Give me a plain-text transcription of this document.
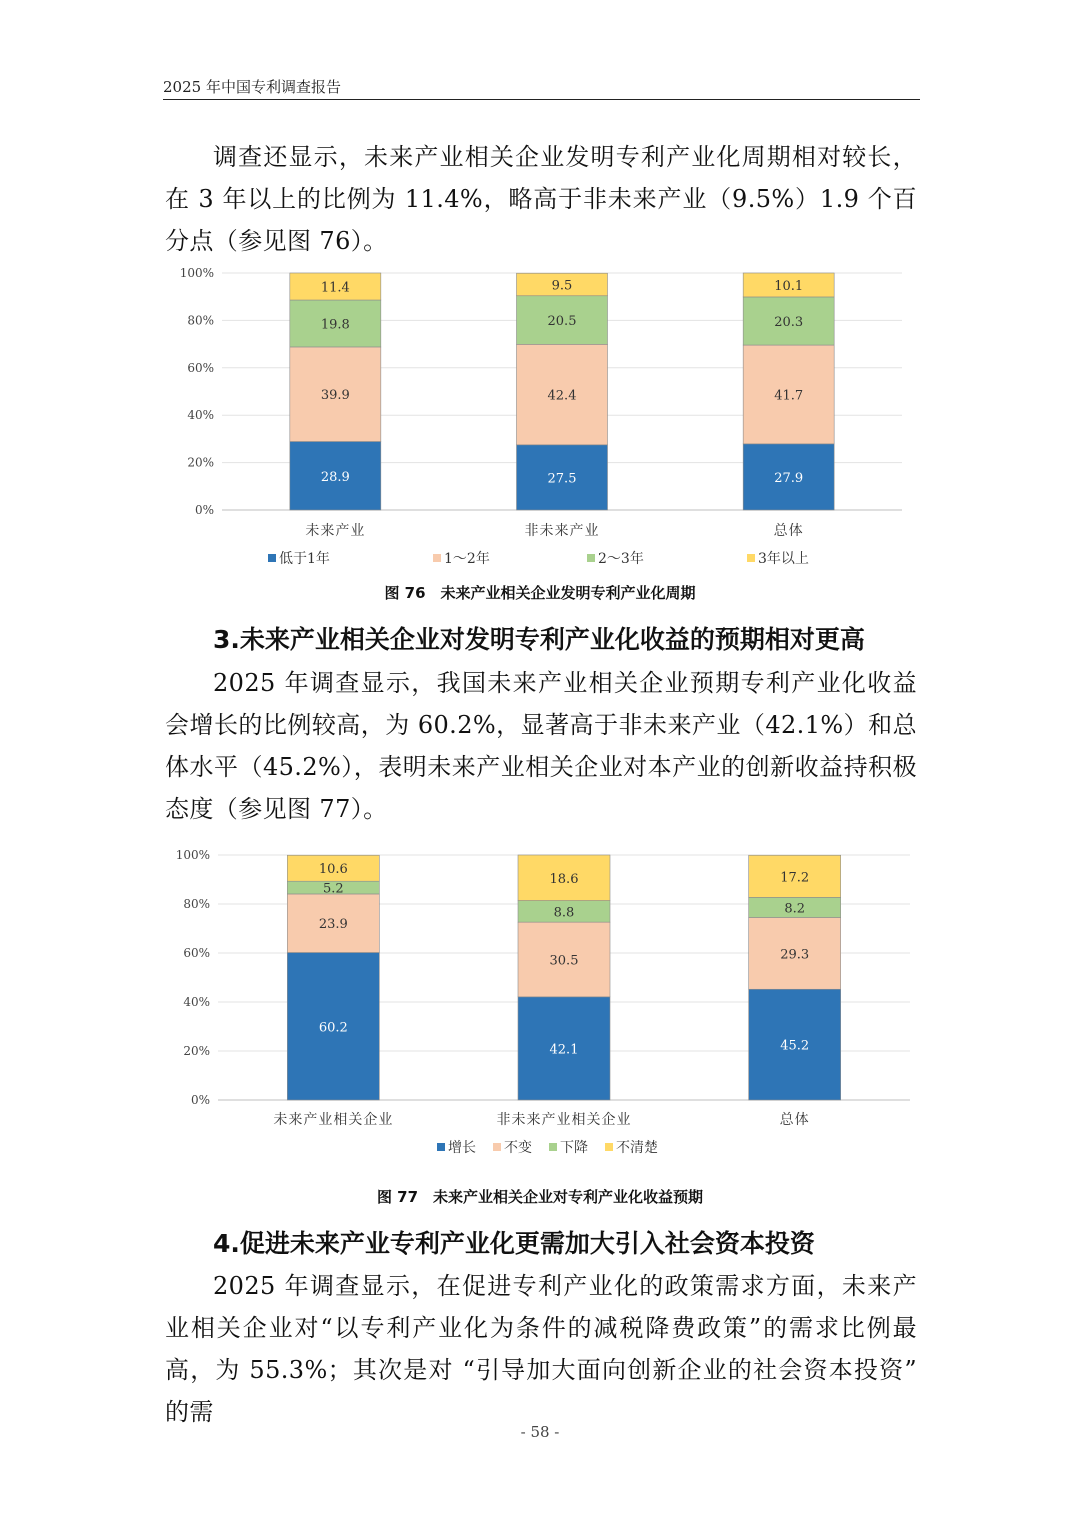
2025 年中国专利调查报告

调查还显示，未来产业相关企业发明专利产业化周期相对较长，在 3 年以上的比例为 11.4%，略高于非未来产业（9.5%）1.9 个百分点（参见图 76）。

0%
20%
40%
60%
80%
100%
28.9
39.9
19.8
11.4
未来产业
27.5
42.4
20.5
9.5
非未来产业
27.9
41.7
20.3
10.1
总体
低于1年	1～2年	2～3年	3年以上
图 76　未来产业相关企业发明专利产业化周期
3.未来产业相关企业对发明专利产业化收益的预期相对更高

2025 年调查显示，我国未来产业相关企业预期专利产业化收益会增长的比例较高，为 60.2%，显著高于非未来产业（42.1%）和总体水平（45.2%），表明未来产业相关企业对本产业的创新收益持积极态度（参见图 77）。

0%
20%
40%
60%
80%
100%
60.2
23.9
5.2
10.6
未来产业相关企业
42.1
30.5
8.8
18.6
非未来产业相关企业
45.2
29.3
8.2
17.2
总体
增长 不变 下降 不清楚
图 77　未来产业相关企业对专利产业化收益预期
4.促进未来产业专利产业化更需加大引入社会资本投资

2025 年调查显示，在促进专利产业化的政策需求方面，未来产业相关企业对“以专利产业化为条件的减税降费政策”的需求比例最高，为 55.3%；其次是对 “引导加大面向创新企业的社会资本投资” 的需

- 58 -
